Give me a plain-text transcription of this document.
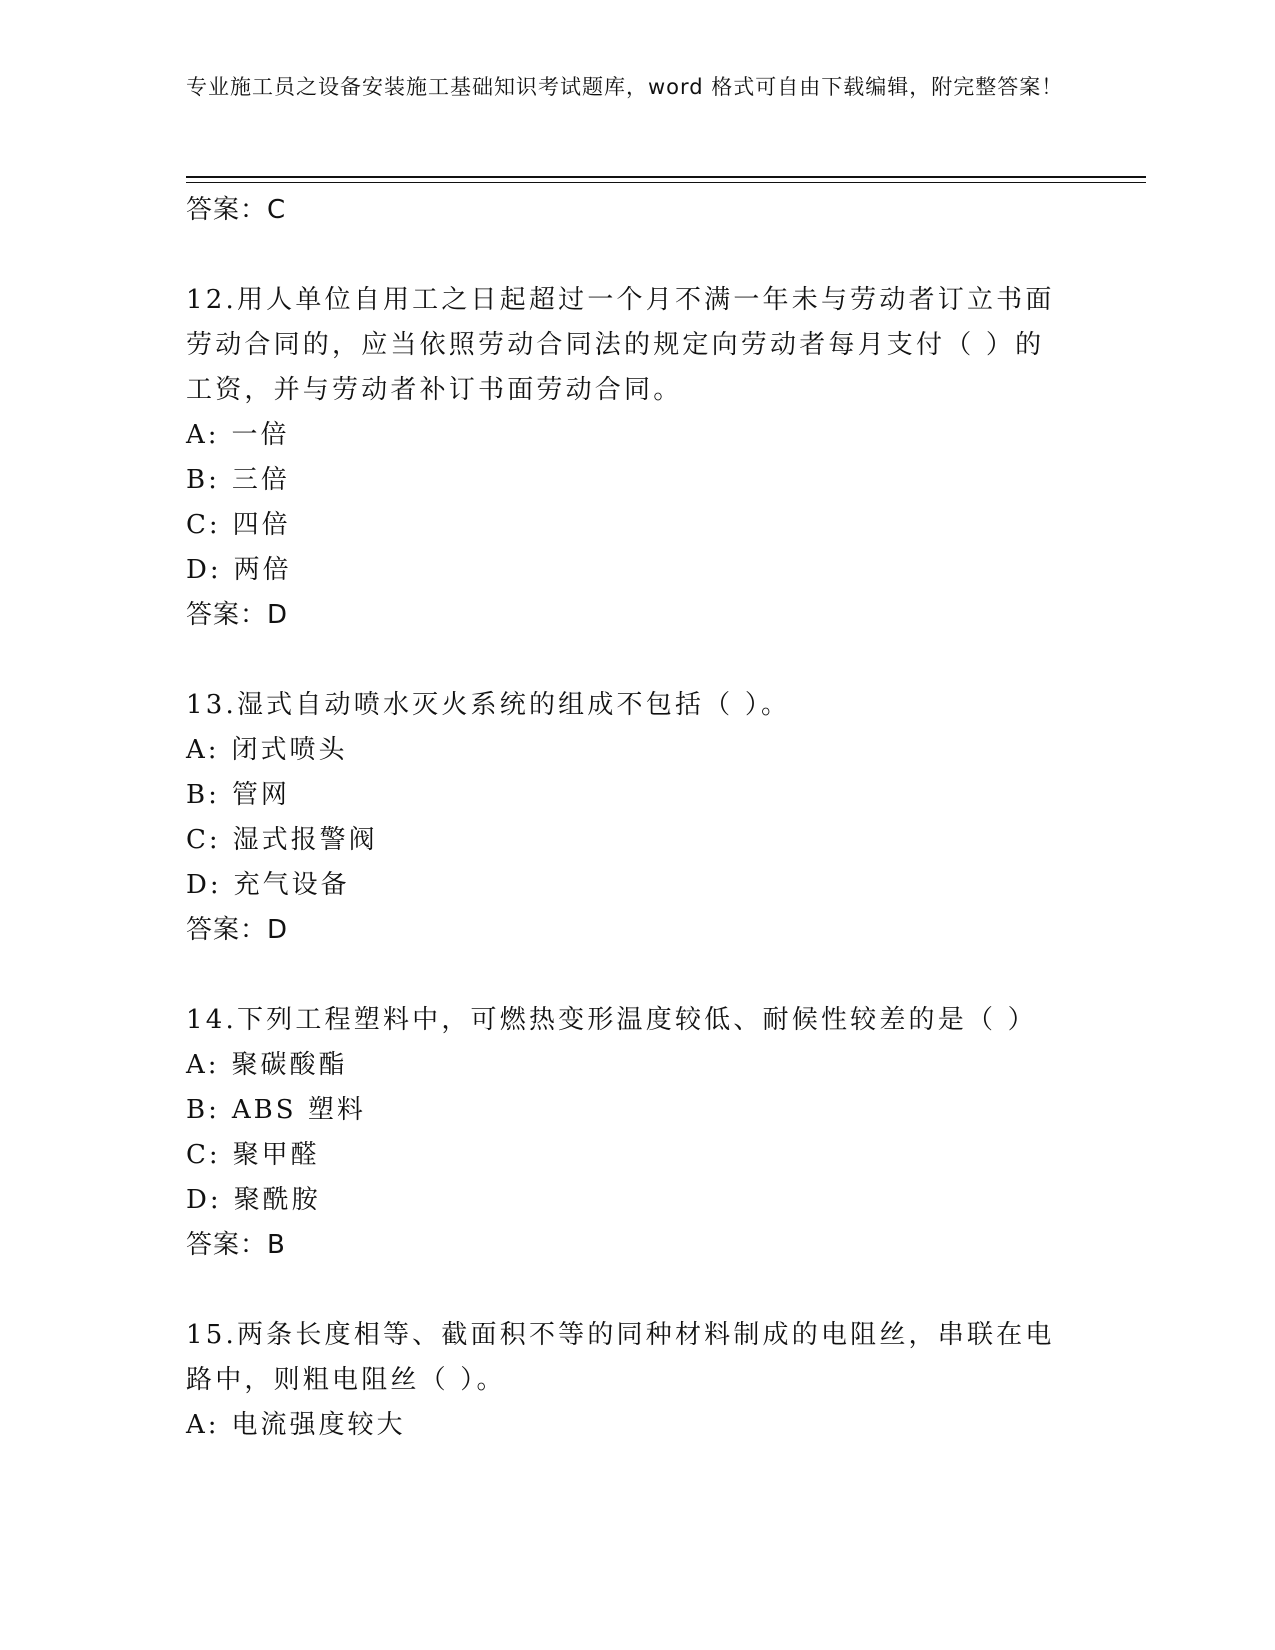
专业施工员之设备安装施工基础知识考试题库，word 格式可自由下载编辑，附完整答案！
答案：C
12.用人单位自用工之日起超过一个月不满一年未与劳动者订立书面劳动合同的，应当依照劳动合同法的规定向劳动者每月支付（ ）的工资，并与劳动者补订书面劳动合同。
A: 一倍
B: 三倍
C: 四倍
D: 两倍
答案：D
13.湿式自动喷水灭火系统的组成不包括（ ）。
A: 闭式喷头
B: 管网
C: 湿式报警阀
D: 充气设备
答案：D
14.下列工程塑料中，可燃热变形温度较低、耐候性较差的是（ ）
A: 聚碳酸酯
B: ABS 塑料
C: 聚甲醛
D: 聚酰胺
答案：B
15.两条长度相等、截面积不等的同种材料制成的电阻丝，串联在电路中，则粗电阻丝（ ）。
A: 电流强度较大
